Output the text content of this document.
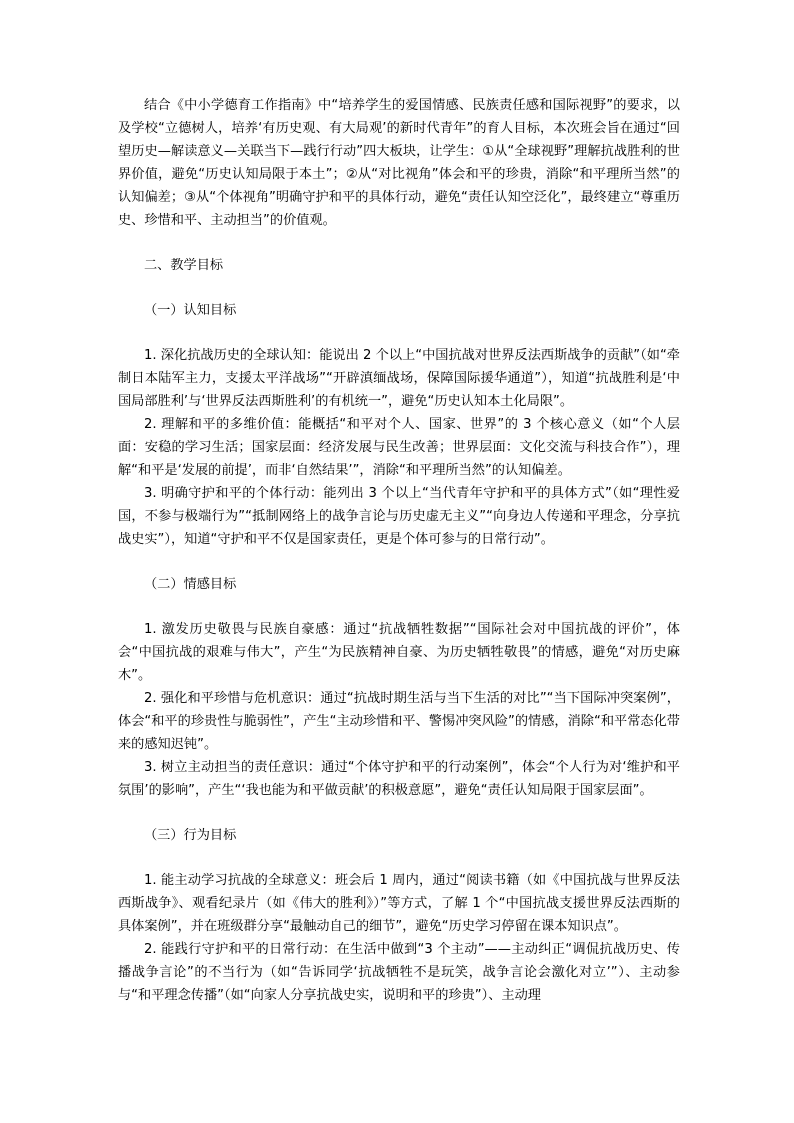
结合《中小学德育工作指南》中“培养学生的爱国情感、民族责任感和国际视野”的要求，以及学校“立德树人，培养‘有历史观、有大局观’的新时代青年”的育人目标，本次班会旨在通过“回望历史—解读意义—关联当下—践行行动”四大板块，让学生：①从“全球视野”理解抗战胜利的世界价值，避免“历史认知局限于本土”；②从“对比视角”体会和平的珍贵，消除“和平理所当然”的认知偏差；③从“个体视角”明确守护和平的具体行动，避免“责任认知空泛化”，最终建立“尊重历史、珍惜和平、主动担当”的价值观。

二、教学目标

（一）认知目标

1. 深化抗战历史的全球认知：能说出 2 个以上“中国抗战对世界反法西斯战争的贡献”（如“牵制日本陆军主力，支援太平洋战场”“开辟滇缅战场，保障国际援华通道”），知道“抗战胜利是‘中国局部胜利’与‘世界反法西斯胜利’的有机统一”，避免“历史认知本土化局限”。

2. 理解和平的多维价值：能概括“和平对个人、国家、世界”的 3 个核心意义（如“个人层面：安稳的学习生活；国家层面：经济发展与民生改善；世界层面：文化交流与科技合作”），理解“和平是‘发展的前提’，而非‘自然结果’”，消除“和平理所当然”的认知偏差。

3. 明确守护和平的个体行动：能列出 3 个以上“当代青年守护和平的具体方式”（如“理性爱国，不参与极端行为”“抵制网络上的战争言论与历史虚无主义”“向身边人传递和平理念，分享抗战史实”），知道“守护和平不仅是国家责任，更是个体可参与的日常行动”。

（二）情感目标

1. 激发历史敬畏与民族自豪感：通过“抗战牺牲数据”“国际社会对中国抗战的评价”，体会“中国抗战的艰难与伟大”，产生“为民族精神自豪、为历史牺牲敬畏”的情感，避免“对历史麻木”。

2. 强化和平珍惜与危机意识：通过“抗战时期生活与当下生活的对比”“当下国际冲突案例”，体会“和平的珍贵性与脆弱性”，产生“主动珍惜和平、警惕冲突风险”的情感，消除“和平常态化带来的感知迟钝”。

3. 树立主动担当的责任意识：通过“个体守护和平的行动案例”，体会“个人行为对‘维护和平氛围’的影响”，产生“‘我也能为和平做贡献’的积极意愿”，避免“责任认知局限于国家层面”。

（三）行为目标

1. 能主动学习抗战的全球意义：班会后 1 周内，通过“阅读书籍（如《中国抗战与世界反法西斯战争》、观看纪录片（如《伟大的胜利》）”等方式，了解 1 个“中国抗战支援世界反法西斯的具体案例”，并在班级群分享“最触动自己的细节”，避免“历史学习停留在课本知识点”。

2. 能践行守护和平的日常行动：在生活中做到“3 个主动”——主动纠正“调侃抗战历史、传播战争言论”的不当行为（如“告诉同学‘抗战牺牲不是玩笑，战争言论会激化对立’”）、主动参与“和平理念传播”（如“向家人分享抗战史实，说明和平的珍贵”）、主动理
